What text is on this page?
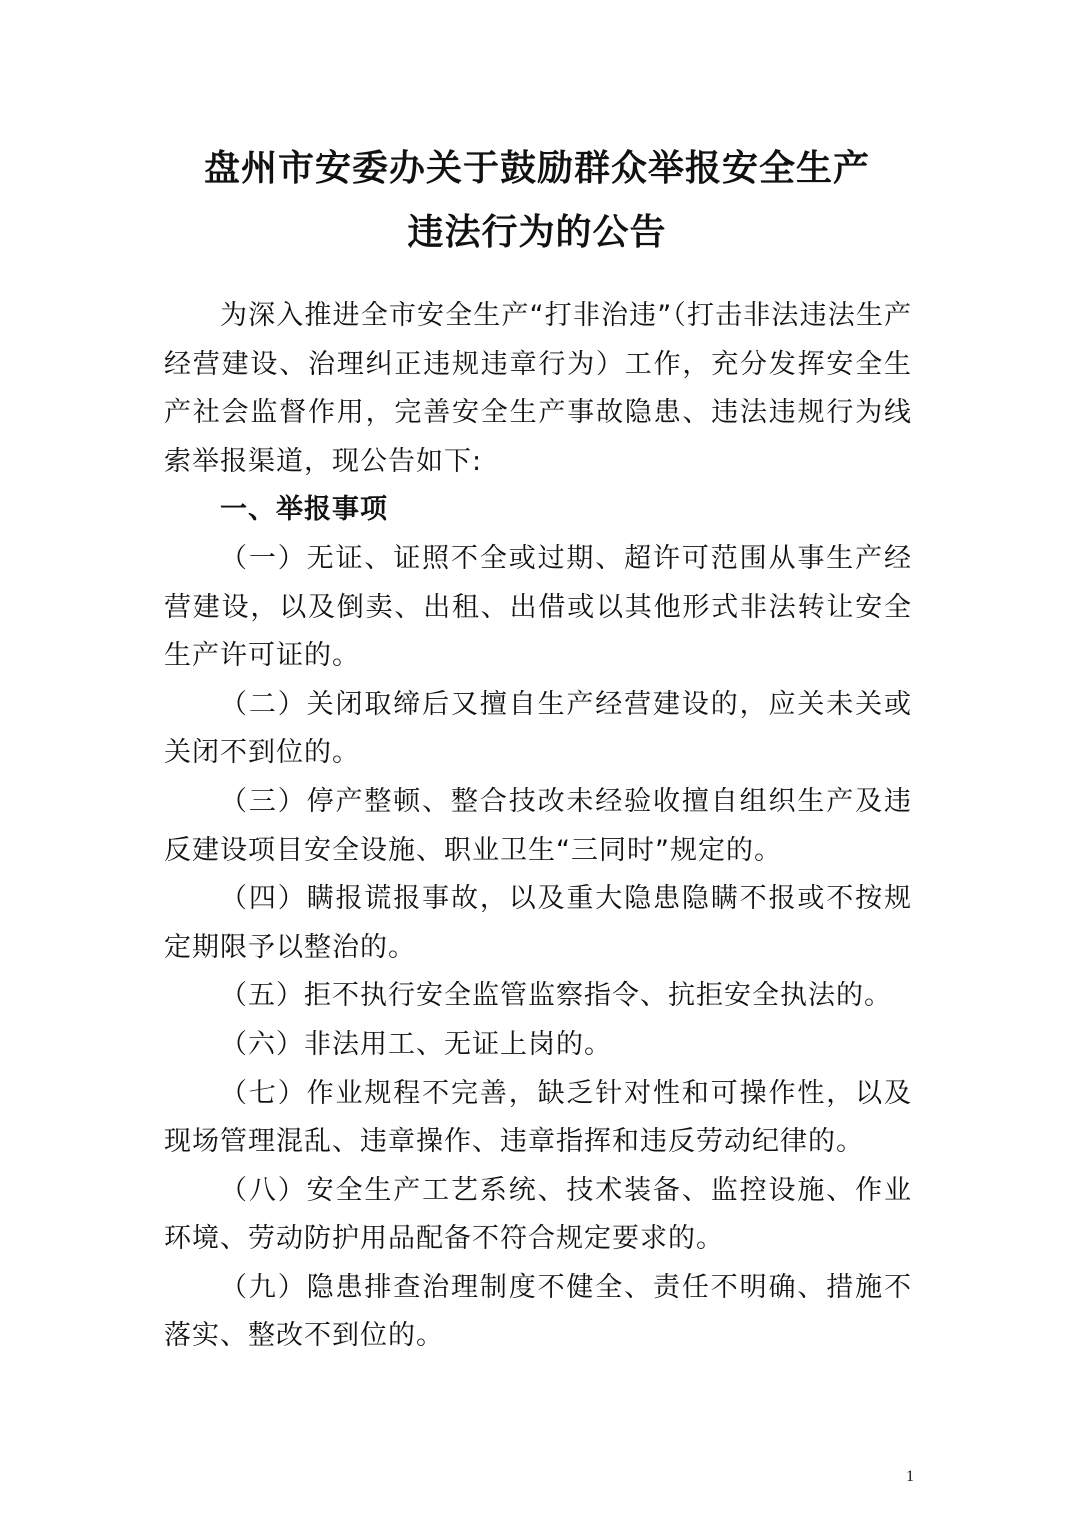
盘州市安委办关于鼓励群众举报安全生产
违法行为的公告

为深入推进全市安全生产“打非治违”（打击非法违法生产经营建设、治理纠正违规违章行为）工作，充分发挥安全生产社会监督作用，完善安全生产事故隐患、违法违规行为线索举报渠道，现公告如下:

一、举报事项

（一）无证、证照不全或过期、超许可范围从事生产经营建设，以及倒卖、出租、出借或以其他形式非法转让安全生产许可证的。

（二）关闭取缔后又擅自生产经营建设的，应关未关或关闭不到位的。

（三）停产整顿、整合技改未经验收擅自组织生产及违反建设项目安全设施、职业卫生“三同时”规定的。

（四）瞒报谎报事故，以及重大隐患隐瞒不报或不按规定期限予以整治的。

（五）拒不执行安全监管监察指令、抗拒安全执法的。

（六）非法用工、无证上岗的。

（七）作业规程不完善，缺乏针对性和可操作性，以及现场管理混乱、违章操作、违章指挥和违反劳动纪律的。

（八）安全生产工艺系统、技术装备、监控设施、作业环境、劳动防护用品配备不符合规定要求的。

（九）隐患排查治理制度不健全、责任不明确、措施不落实、整改不到位的。

1
